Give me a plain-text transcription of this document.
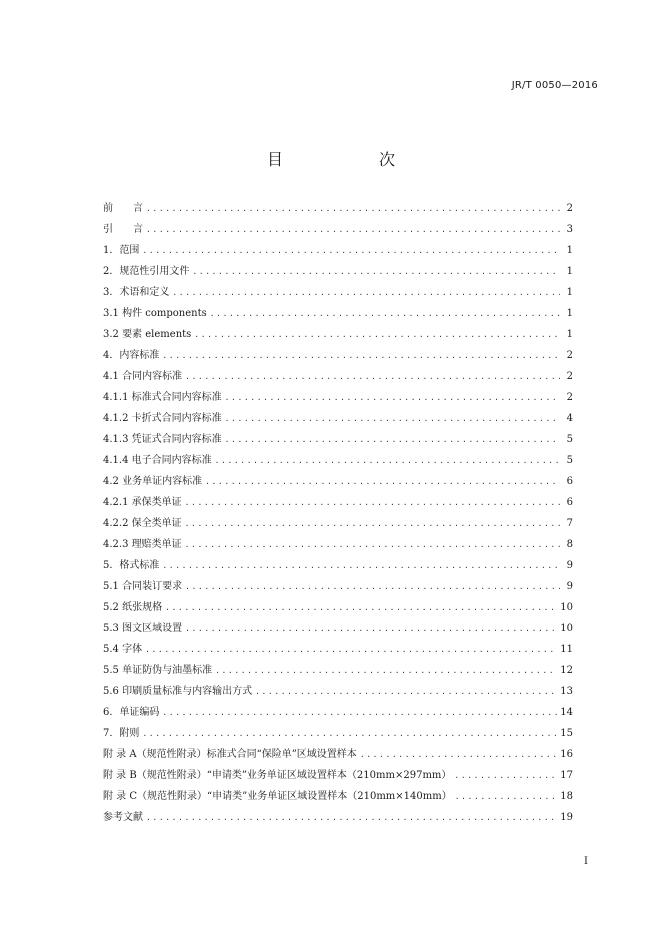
JR/T 0050—2016
目　次
前　　言 .....	2
引　　言 .....	3
1．范围 .....	1
2．规范性引用文件 .....	1
3．术语和定义 .....	1
3.1 构件 components .....	1
3.2 要素 elements .....	1
4．内容标准 .....	2
4.1 合同内容标准 .....	2
4.1.1 标准式合同内容标准 .....	2
4.1.2 卡折式合同内容标准 .....	4
4.1.3 凭证式合同内容标准 .....	5
4.1.4 电子合同内容标准 .....	5
4.2 业务单证内容标准 .....	6
4.2.1 承保类单证 .....	6
4.2.2 保全类单证 .....	7
4.2.3 理赔类单证 .....	8
5．格式标准 .....	9
5.1 合同装订要求 .....	9
5.2 纸张规格 .....	10
5.3 图文区域设置 .....	10
5.4 字体 .....	11
5.5 单证防伪与油墨标准 .....	12
5.6 印刷质量标准与内容输出方式 .....	13
6．单证编码 .....	14
7．附则 .....	15
附 录 A（规范性附录）标准式合同“保险单”区域设置样本 .....	16
附 录 B（规范性附录）“申请类”业务单证区域设置样本（210mm×297mm） .....	17
附 录 C（规范性附录）“申请类”业务单证区域设置样本（210mm×140mm） .....	18
参考文献 .....	19
I
